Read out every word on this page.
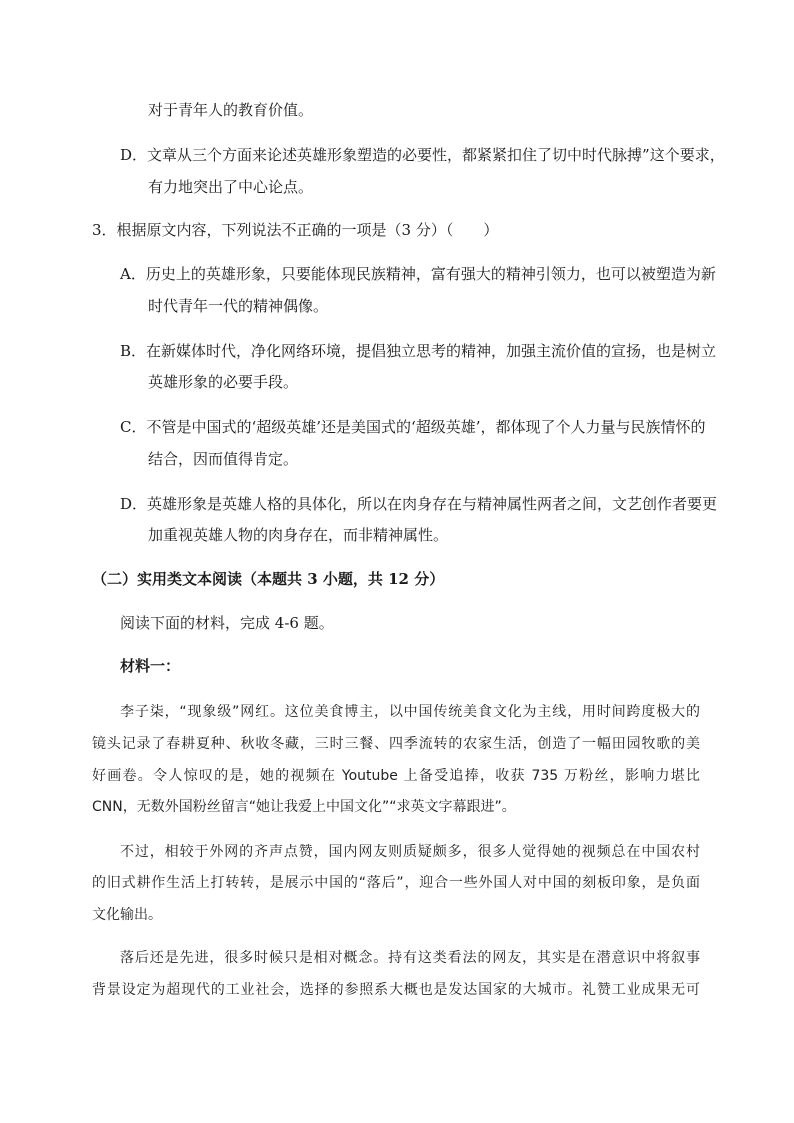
对于青年人的教育价值。
D．文章从三个方面来论述英雄形象塑造的必要性，都紧紧扣住了切中时代脉搏”这个要求，
有力地突出了中心论点。
3．根据原文内容，下列说法不正确的一项是（3 分）（　　）
A．历史上的英雄形象，只要能体现民族精神，富有强大的精神引领力，也可以被塑造为新
时代青年一代的精神偶像。
B．在新媒体时代，净化网络环境，提倡独立思考的精神，加强主流价值的宣扬，也是树立
英雄形象的必要手段。
C．不管是中国式的‘超级英雄’还是美国式的‘超级英雄’，都体现了个人力量与民族情怀的
结合，因而值得肯定。
D．英雄形象是英雄人格的具体化，所以在肉身存在与精神属性两者之间，文艺创作者要更
加重视英雄人物的肉身存在，而非精神属性。
（二）实用类文本阅读（本题共 3 小题，共 12 分）
阅读下面的材料，完成 4-6 题。
材料一：
李子柒，“现象级”网红。这位美食博主，以中国传统美食文化为主线，用时间跨度极大的
镜头记录了春耕夏种、秋收冬藏，三时三餐、四季流转的农家生活，创造了一幅田园牧歌的美
好画卷。令人惊叹的是，她的视频在 Youtube 上备受追捧，收获 735 万粉丝，影响力堪比
CNN，无数外国粉丝留言“她让我爱上中国文化”“求英文字幕跟进”。
不过，相较于外网的齐声点赞，国内网友则质疑颇多，很多人觉得她的视频总在中国农村
的旧式耕作生活上打转转，是展示中国的“落后”，迎合一些外国人对中国的刻板印象，是负面
文化输出。
落后还是先进，很多时候只是相对概念。持有这类看法的网友，其实是在潜意识中将叙事
背景设定为超现代的工业社会，选择的参照系大概也是发达国家的大城市。礼赞工业成果无可
